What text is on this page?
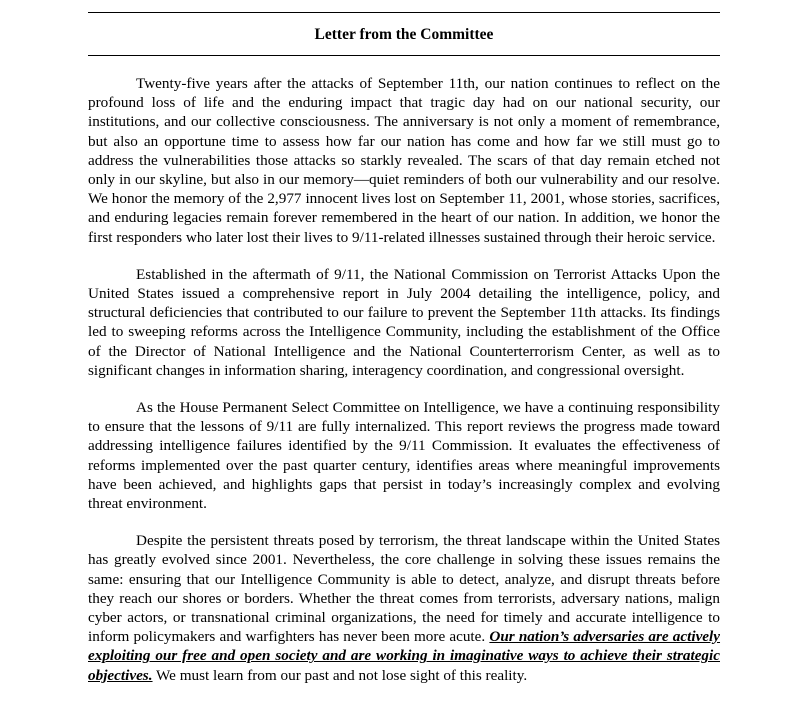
Letter from the Committee

Twenty-five years after the attacks of September 11th, our nation continues to reflect on the profound loss of life and the enduring impact that tragic day had on our national security, our institutions, and our collective consciousness. The anniversary is not only a moment of remembrance, but also an opportune time to assess how far our nation has come and how far we still must go to address the vulnerabilities those attacks so starkly revealed. The scars of that day remain etched not only in our skyline, but also in our memory—quiet reminders of both our vulnerability and our resolve. We honor the memory of the 2,977 innocent lives lost on September 11, 2001, whose stories, sacrifices, and enduring legacies remain forever remembered in the heart of our nation. In addition, we honor the first responders who later lost their lives to 9/11-related illnesses sustained through their heroic service.

Established in the aftermath of 9/11, the National Commission on Terrorist Attacks Upon the United States issued a comprehensive report in July 2004 detailing the intelligence, policy, and structural deficiencies that contributed to our failure to prevent the September 11th attacks. Its findings led to sweeping reforms across the Intelligence Community, including the establishment of the Office of the Director of National Intelligence and the National Counterterrorism Center, as well as to significant changes in information sharing, interagency coordination, and congressional oversight.

As the House Permanent Select Committee on Intelligence, we have a continuing responsibility to ensure that the lessons of 9/11 are fully internalized. This report reviews the progress made toward addressing intelligence failures identified by the 9/11 Commission. It evaluates the effectiveness of reforms implemented over the past quarter century, identifies areas where meaningful improvements have been achieved, and highlights gaps that persist in today’s increasingly complex and evolving threat environment.

Despite the persistent threats posed by terrorism, the threat landscape within the United States has greatly evolved since 2001. Nevertheless, the core challenge in solving these issues remains the same: ensuring that our Intelligence Community is able to detect, analyze, and disrupt threats before they reach our shores or borders. Whether the threat comes from terrorists, adversary nations, malign cyber actors, or transnational criminal organizations, the need for timely and accurate intelligence to inform policymakers and warfighters has never been more acute. Our nation’s adversaries are actively exploiting our free and open society and are working in imaginative ways to achieve their strategic objectives. We must learn from our past and not lose sight of this reality.
